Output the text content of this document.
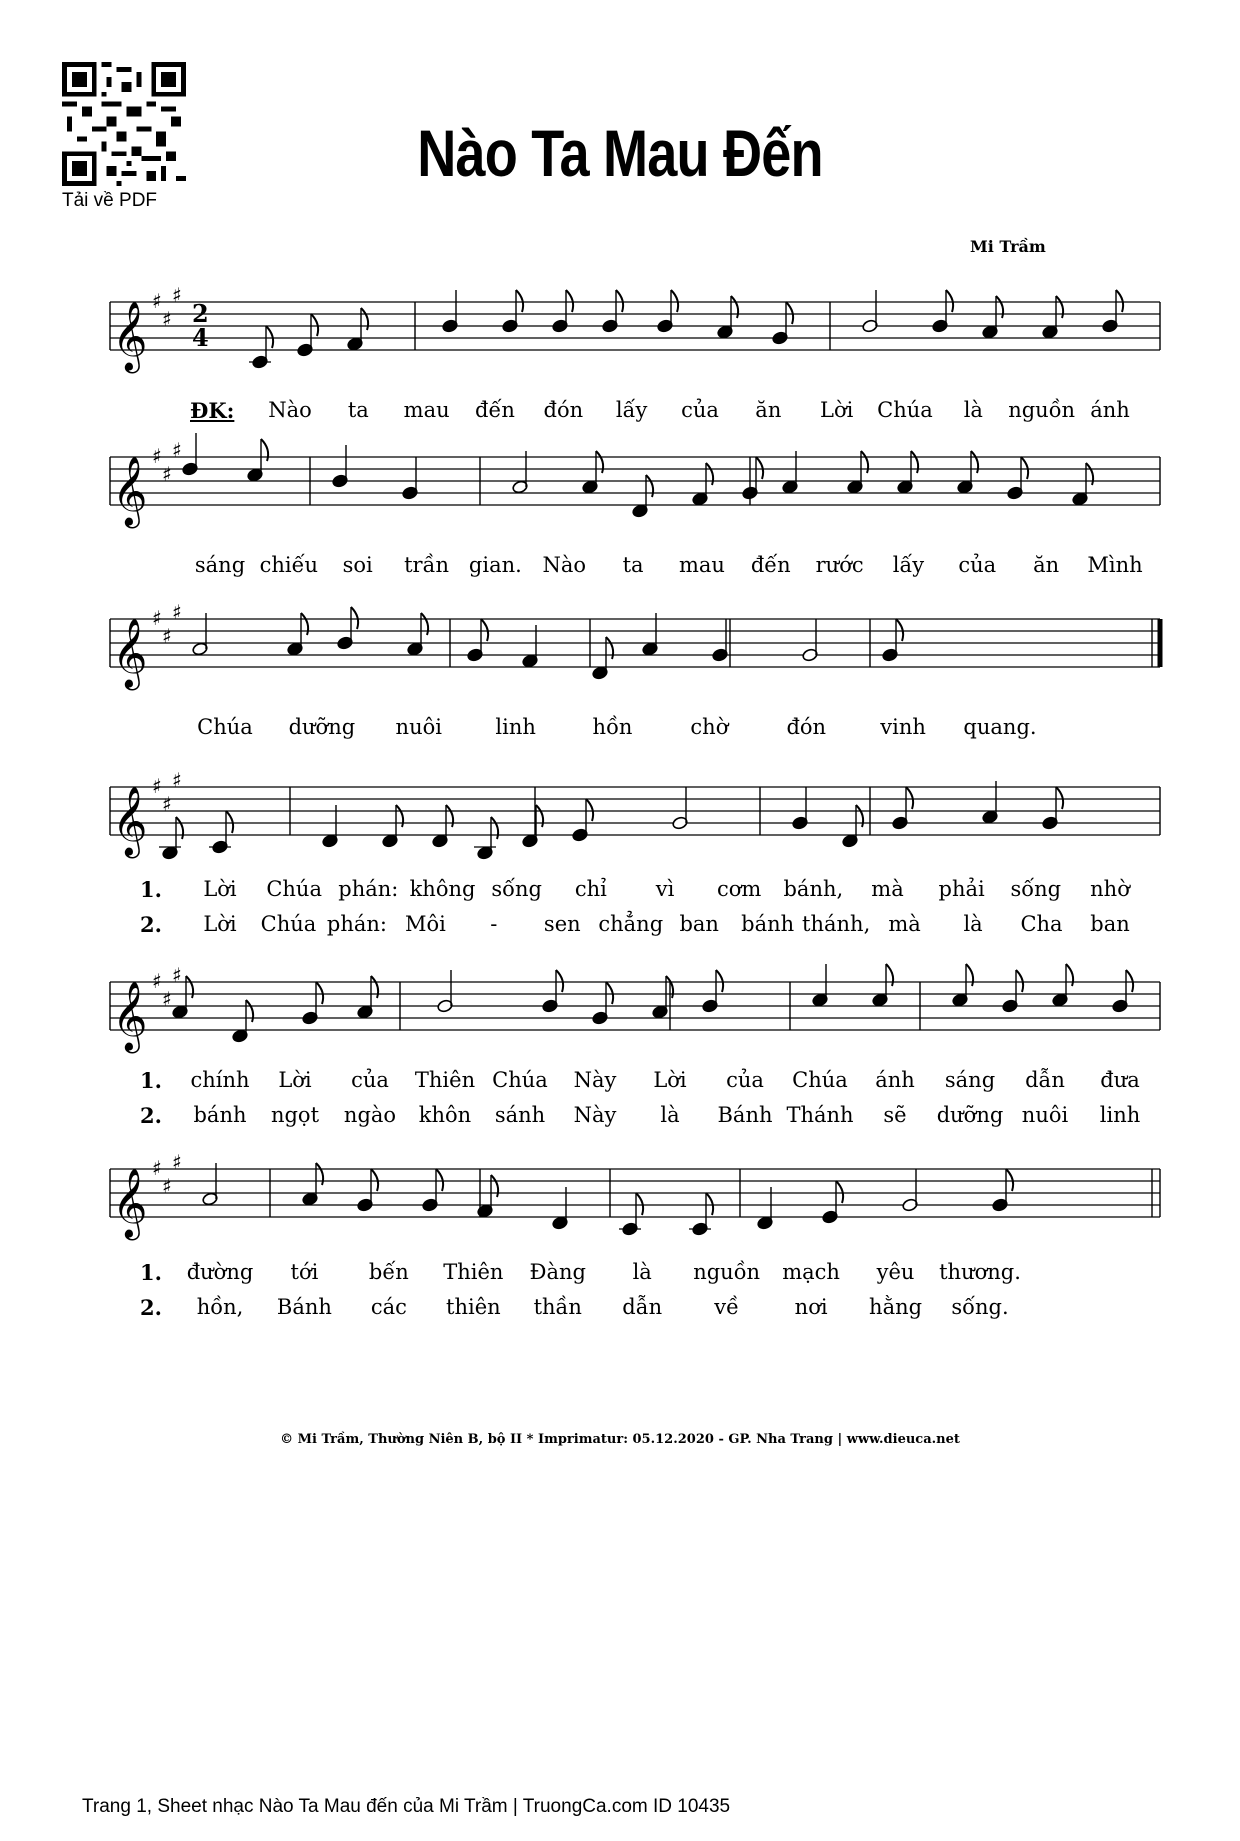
Tải về PDF
Nào Ta Mau Đến
Mi Trầm
𝄞 ♯
♯
♯
2
4
𝄞 ♯
♯
♯
𝄞 ♯
♯
♯
𝄞 ♯
♯
♯
𝄞 ♯
♯
♯
𝄞 ♯
♯
♯
ĐK: Nào ta mau đến đón lấy của ăn Lời Chúa là nguồn ánh
sáng chiếu soi trần gian. Nào ta mau đến rước lấy của ăn Mình
Chúa dưỡng nuôi	linh	hồn	chờ	đón	vinh quang.
1. Lời Chúa phán: không sống chỉ vì cơm bánh, mà phải sống nhờ
2. Lời Chúa phán: Môi - sen chẳng ban bánh thánh, mà là Cha ban
1. chính Lời của Thiên Chúa Này Lời của Chúa ánh sáng dẫn đưa
2. bánh ngọt ngào khôn sánh Này là Bánh Thánh sẽ dưỡng nuôi linh
1. đường tới bến Thiên Đàng là nguồn mạch yêu thương.
2. hồn, Bánh các thiên thần dẫn về	nơi hằng sống.
© Mi Trầm, Thường Niên B, bộ II * Imprimatur: 05.12.2020 - GP. Nha Trang | www.dieuca.net
Trang 1, Sheet nhạc Nào Ta Mau đến của Mi Trầm | TruongCa.com ID 10435
